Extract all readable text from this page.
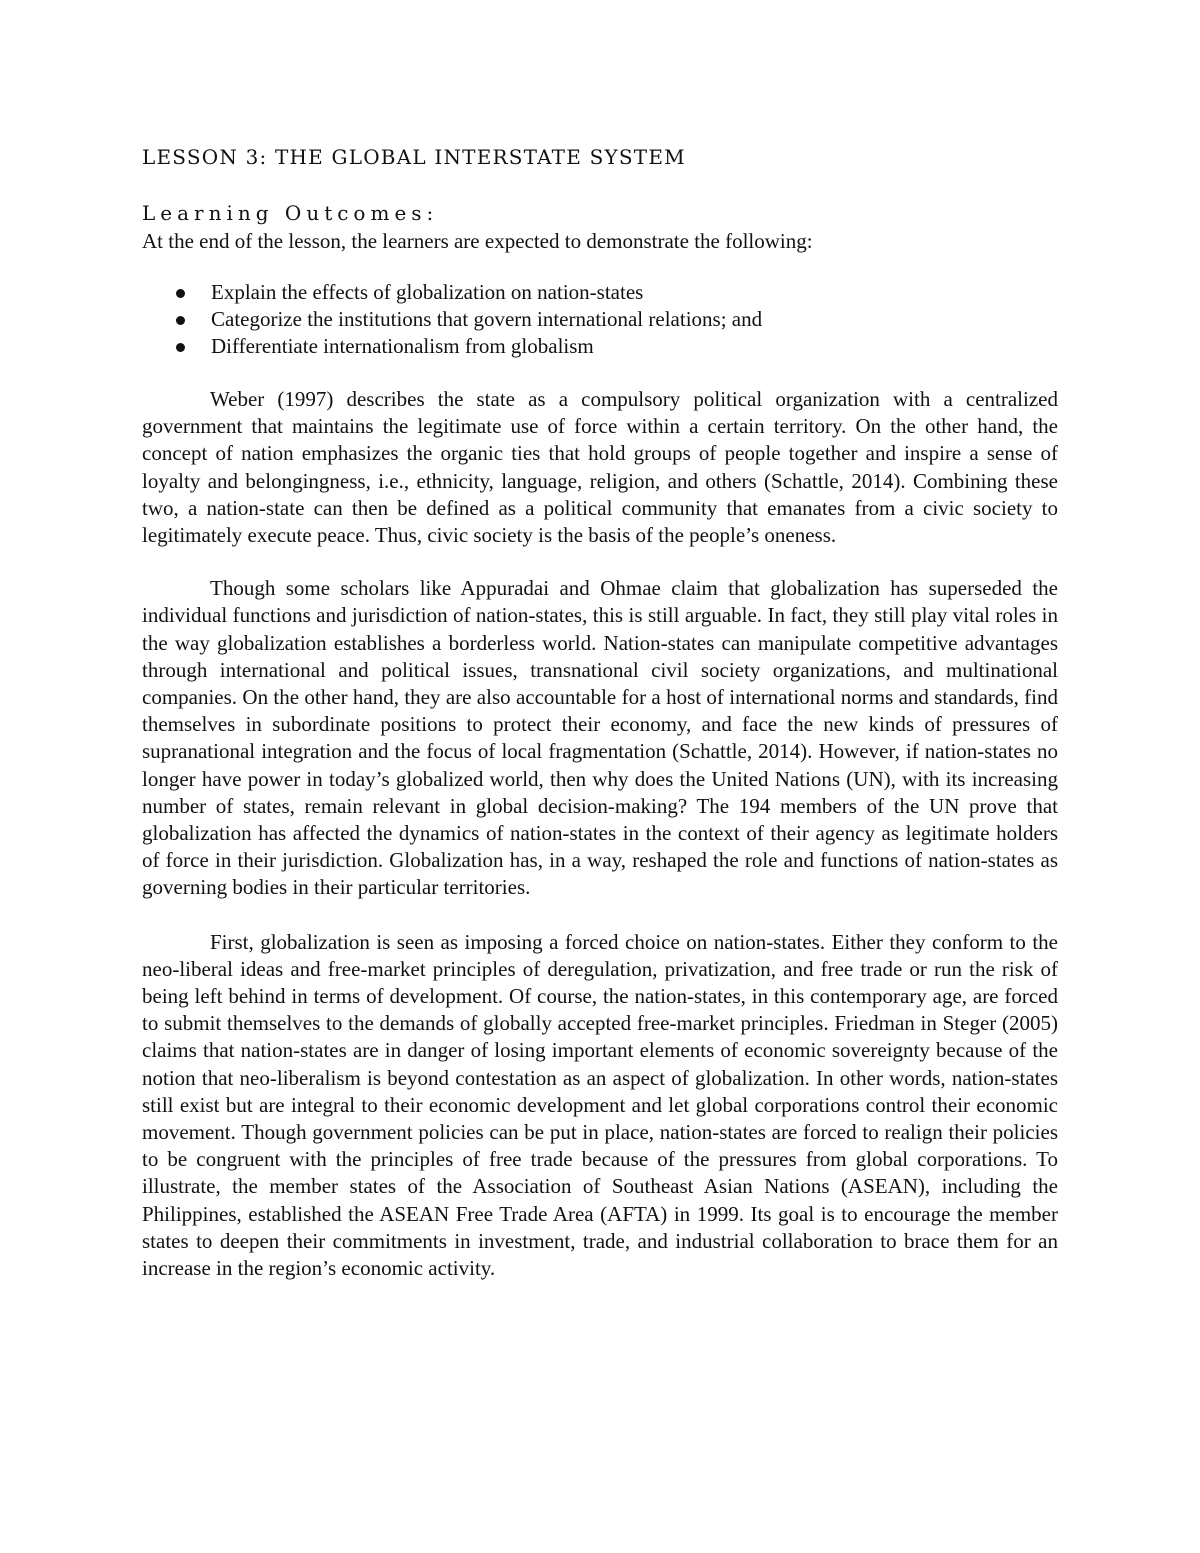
LESSON 3: THE GLOBAL INTERSTATE SYSTEM
Learning Outcomes:

At the end of the lesson, the learners are expected to demonstrate the following:

Explain the effects of globalization on nation-states
Categorize the institutions that govern international relations; and
Differentiate internationalism from globalism

Weber (1997) describes the state as a compulsory political organization with a centralized government that maintains the legitimate use of force within a certain territory. On the other hand, the concept of nation emphasizes the organic ties that hold groups of people together and inspire a sense of loyalty and belongingness, i.e., ethnicity, language, religion, and others (Schattle, 2014). Combining these two, a nation-state can then be defined as a political community that emanates from a civic society to legitimately execute peace. Thus, civic society is the basis of the people’s oneness.

Though some scholars like Appuradai and Ohmae claim that globalization has superseded the individual functions and jurisdiction of nation-states, this is still arguable. In fact, they still play vital roles in the way globalization establishes a borderless world. Nation-states can manipulate competitive advantages through international and political issues, transnational civil society organizations, and multinational companies. On the other hand, they are also accountable for a host of international norms and standards, find themselves in subordinate positions to protect their economy, and face the new kinds of pressures of supranational integration and the focus of local fragmentation (Schattle, 2014). However, if nation-states no longer have power in today’s globalized world, then why does the United Nations (UN), with its increasing number of states, remain relevant in global decision-making? The 194 members of the UN prove that globalization has affected the dynamics of nation-states in the context of their agency as legitimate holders of force in their jurisdiction. Globalization has, in a way, reshaped the role and functions of nation-states as governing bodies in their particular territories.

First, globalization is seen as imposing a forced choice on nation-states. Either they conform to the neo-liberal ideas and free-market principles of deregulation, privatization, and free trade or run the risk of being left behind in terms of development. Of course, the nation-states, in this contemporary age, are forced to submit themselves to the demands of globally accepted free-market principles. Friedman in Steger (2005) claims that nation-states are in danger of losing important elements of economic sovereignty because of the notion that neo-liberalism is beyond contestation as an aspect of globalization. In other words, nation-states still exist but are integral to their economic development and let global corporations control their economic movement. Though government policies can be put in place, nation-states are forced to realign their policies to be congruent with the principles of free trade because of the pressures from global corporations. To illustrate, the member states of the Association of Southeast Asian Nations (ASEAN), including the Philippines, established the ASEAN Free Trade Area (AFTA) in 1999. Its goal is to encourage the member states to deepen their commitments in investment, trade, and industrial collaboration to brace them for an increase in the region’s economic activity.
